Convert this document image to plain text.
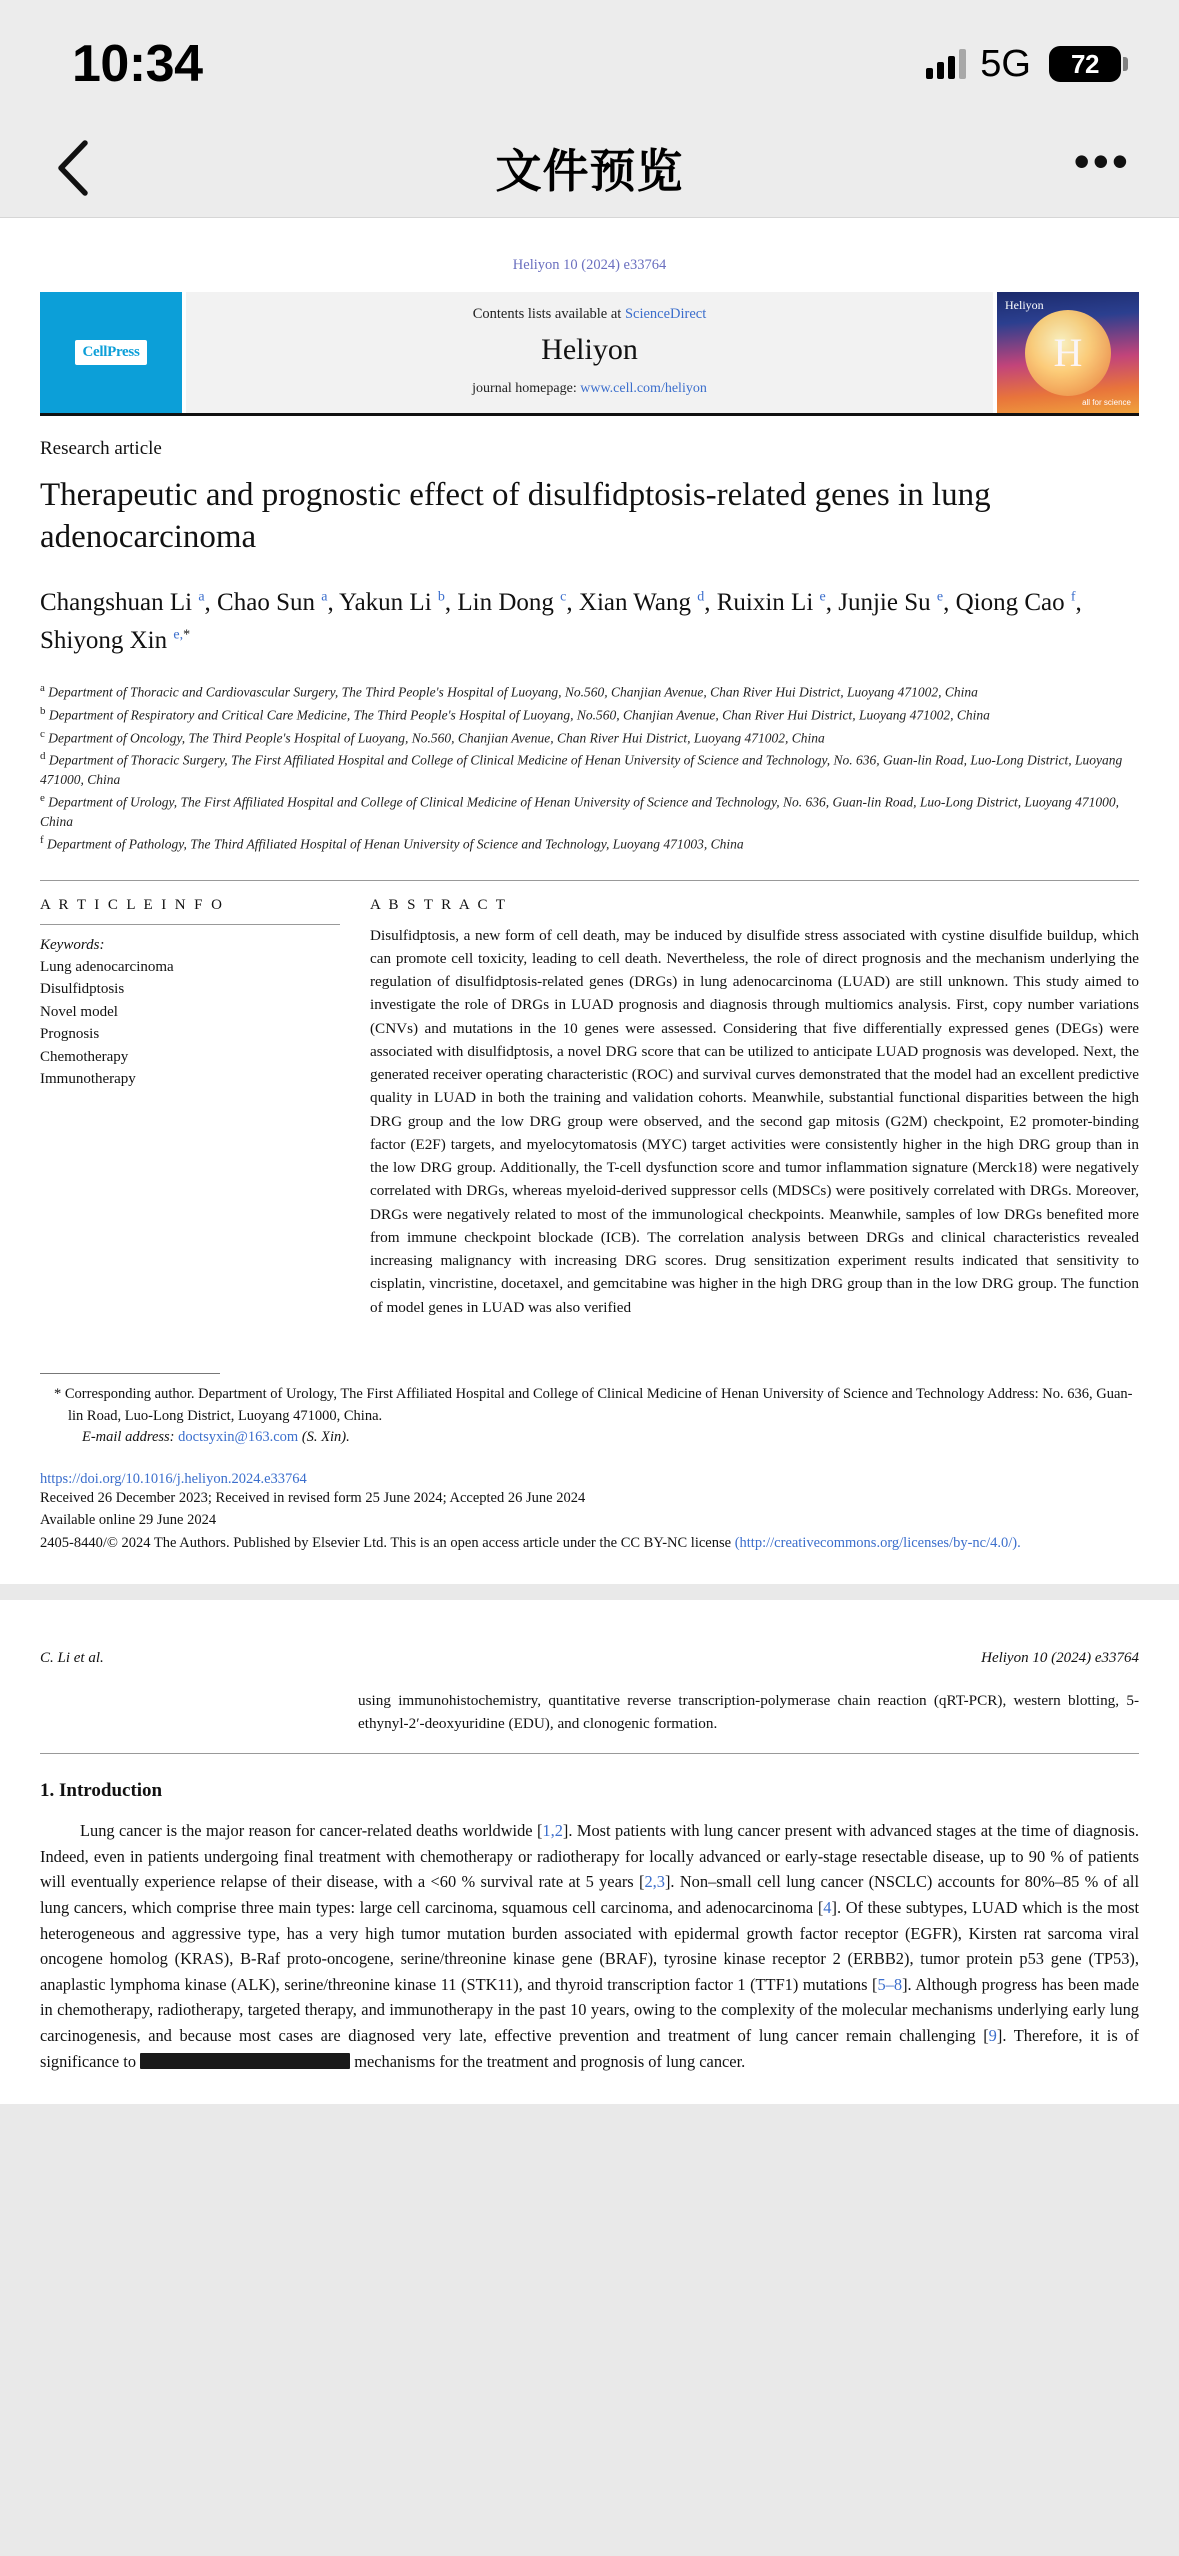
10:34	5G 72
文件预览	•••
Heliyon 10 (2024) e33764
CellPress
Contents lists available at ScienceDirect
Heliyon
journal homepage: www.cell.com/heliyon
Heliyon
H
all for science
Research article
Therapeutic and prognostic effect of disulfidptosis-related genes in lung adenocarcinoma
Changshuan Li $^a$, Chao Sun $^a$, Yakun Li $^b$, Lin Dong $^c$, Xian Wang $^d$, Ruixin Li $^e$, Junjie Su $^e$, Qiong Cao $^f$, Shiyong Xin $^{e,*}$

$^a$ Department of Thoracic and Cardiovascular Surgery, The Third People's Hospital of Luoyang, No.560, Chanjian Avenue, Chan River Hui District, Luoyang 471002, China

$^b$ Department of Respiratory and Critical Care Medicine, The Third People's Hospital of Luoyang, No.560, Chanjian Avenue, Chan River Hui District, Luoyang 471002, China

$^c$ Department of Oncology, The Third People's Hospital of Luoyang, No.560, Chanjian Avenue, Chan River Hui District, Luoyang 471002, China

$^d$ Department of Thoracic Surgery, The First Affiliated Hospital and College of Clinical Medicine of Henan University of Science and Technology, No. 636, Guan-lin Road, Luo-Long District, Luoyang 471000, China

$^e$ Department of Urology, The First Affiliated Hospital and College of Clinical Medicine of Henan University of Science and Technology, No. 636, Guan-lin Road, Luo-Long District, Luoyang 471000, China

$^f$ Department of Pathology, The Third Affiliated Hospital of Henan University of Science and Technology, Luoyang 471003, China

A R T I C L E I N F O
Keywords:
Lung adenocarcinoma
Disulfidptosis
Novel model
Prognosis
Chemotherapy
Immunotherapy
A B S T R A C T
Disulfidptosis, a new form of cell death, may be induced by disulfide stress associated with cystine disulfide buildup, which can promote cell toxicity, leading to cell death. Nevertheless, the role of direct prognosis and the mechanism underlying the regulation of disulfidptosis-related genes (DRGs) in lung adenocarcinoma (LUAD) are still unknown. This study aimed to investigate the role of DRGs in LUAD prognosis and diagnosis through multiomics analysis. First, copy number variations (CNVs) and mutations in the 10 genes were assessed. Considering that five differentially expressed genes (DEGs) were associated with disulfidptosis, a novel DRG score that can be utilized to anticipate LUAD prognosis was developed. Next, the generated receiver operating characteristic (ROC) and survival curves demonstrated that the model had an excellent predictive quality in LUAD in both the training and validation cohorts. Meanwhile, substantial functional disparities between the high DRG group and the low DRG group were observed, and the second gap mitosis (G2M) checkpoint, E2 promoter-binding factor (E2F) targets, and myelocytomatosis (MYC) target activities were consistently higher in the high DRG group than in the low DRG group. Additionally, the T-cell dysfunction score and tumor inflammation signature (Merck18) were negatively correlated with DRGs, whereas myeloid-derived suppressor cells (MDSCs) were positively correlated with DRGs. Moreover, DRGs were negatively related to most of the immunological checkpoints. Meanwhile, samples of low DRGs benefited more from immune checkpoint blockade (ICB). The correlation analysis between DRGs and clinical characteristics revealed increasing malignancy with increasing DRG scores. Drug sensitization experiment results indicated that sensitivity to cisplatin, vincristine, docetaxel, and gemcitabine was higher in the high DRG group than in the low DRG group. The function of model genes in LUAD was also verified
* Corresponding author. Department of Urology, The First Affiliated Hospital and College of Clinical Medicine of Henan University of Science and Technology Address: No. 636, Guan-lin Road, Luo-Long District, Luoyang 471000, China.
E-mail address: doctsyxin@163.com (S. Xin).
https://doi.org/10.1016/j.heliyon.2024.e33764
Received 26 December 2023; Received in revised form 25 June 2024; Accepted 26 June 2024
Available online 29 June 2024
2405-8440/© 2024 The Authors. Published by Elsevier Ltd. This is an open access article under the CC BY-NC license (http://creativecommons.org/licenses/by-nc/4.0/).
C. Li et al.	Heliyon 10 (2024) e33764
using immunohistochemistry, quantitative reverse transcription-polymerase chain reaction (qRT-PCR), western blotting, 5-ethynyl-2′-deoxyuridine (EDU), and clonogenic formation.
1. Introduction
Lung cancer is the major reason for cancer-related deaths worldwide [1,2]. Most patients with lung cancer present with advanced stages at the time of diagnosis. Indeed, even in patients undergoing final treatment with chemotherapy or radiotherapy for locally advanced or early-stage resectable disease, up to 90 % of patients will eventually experience relapse of their disease, with a <60 % survival rate at 5 years [2,3]. Non–small cell lung cancer (NSCLC) accounts for 80%–85 % of all lung cancers, which comprise three main types: large cell carcinoma, squamous cell carcinoma, and adenocarcinoma [4]. Of these subtypes, LUAD which is the most heterogeneous and aggressive type, has a very high tumor mutation burden associated with epidermal growth factor receptor (EGFR), Kirsten rat sarcoma viral oncogene homolog (KRAS), B-Raf proto-oncogene, serine/threonine kinase gene (BRAF), tyrosine kinase receptor 2 (ERBB2), tumor protein p53 gene (TP53), anaplastic lymphoma kinase (ALK), serine/threonine kinase 11 (STK11), and thyroid transcription factor 1 (TTF1) mutations [5–8]. Although progress has been made in chemotherapy, radiotherapy, targeted therapy, and immunotherapy in the past 10 years, owing to the complexity of the molecular mechanisms underlying early lung carcinogenesis, and because most cases are diagnosed very late, effective prevention and treatment of lung cancer remain challenging [9]. Therefore, it is of significance to	mechanisms for the treatment and prognosis of lung cancer.
